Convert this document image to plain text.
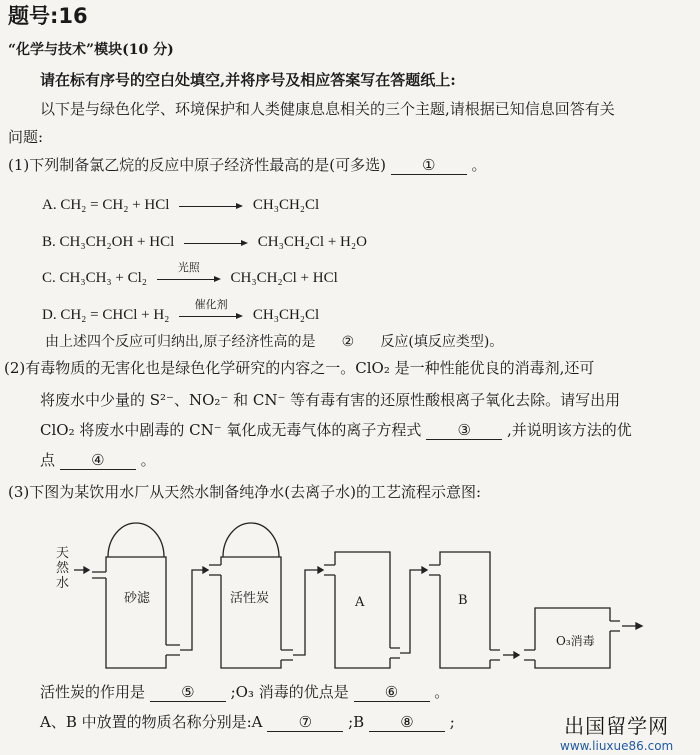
题号:16
“化学与技术”模块(10 分)
请在标有序号的空白处填空,并将序号及相应答案写在答题纸上:
以下是与绿色化学、环境保护和人类健康息息相关的三个主题,请根据已知信息回答有关
问题:
(1)下列制备氯乙烷的反应中原子经济性最高的是(可多选) ① 。
A. CH₂ = CH₂ + HCl	CH₃CH₂Cl
B. CH₃CH₂OH + HCl	CH₃CH₂Cl + H₂O
C. CH₃CH₃ + Cl₂
光照
CH₃CH₂Cl + HCl
D. CH₂ = CHCl + H₂
催化剂
CH₃CH₂Cl
由上述四个反应可归纳出,原子经济性高的是 ② 反应(填反应类型)。
(2)有毒物质的无害化也是绿色化学研究的内容之一。ClO₂ 是一种性能优良的消毒剂,还可
将废水中少量的 S²⁻、NO₂⁻ 和 CN⁻ 等有毒有害的还原性酸根离子氧化去除。请写出用
ClO₂ 将废水中剧毒的 CN⁻ 氧化成无毒气体的离子方程式 ③ ,并说明该方法的优
点 ④ 。
(3)下图为某饮用水厂从天然水制备纯净水(去离子水)的工艺流程示意图:
天
然
水
砂滤	活性炭	A	B
O₃消毒
活性炭的作用是 ⑤ ;O₃ 消毒的优点是 ⑥ 。
A、B 中放置的物质名称分别是:A ⑦ ;B ⑧ ;	出国留学网
www.liuxue86.com
